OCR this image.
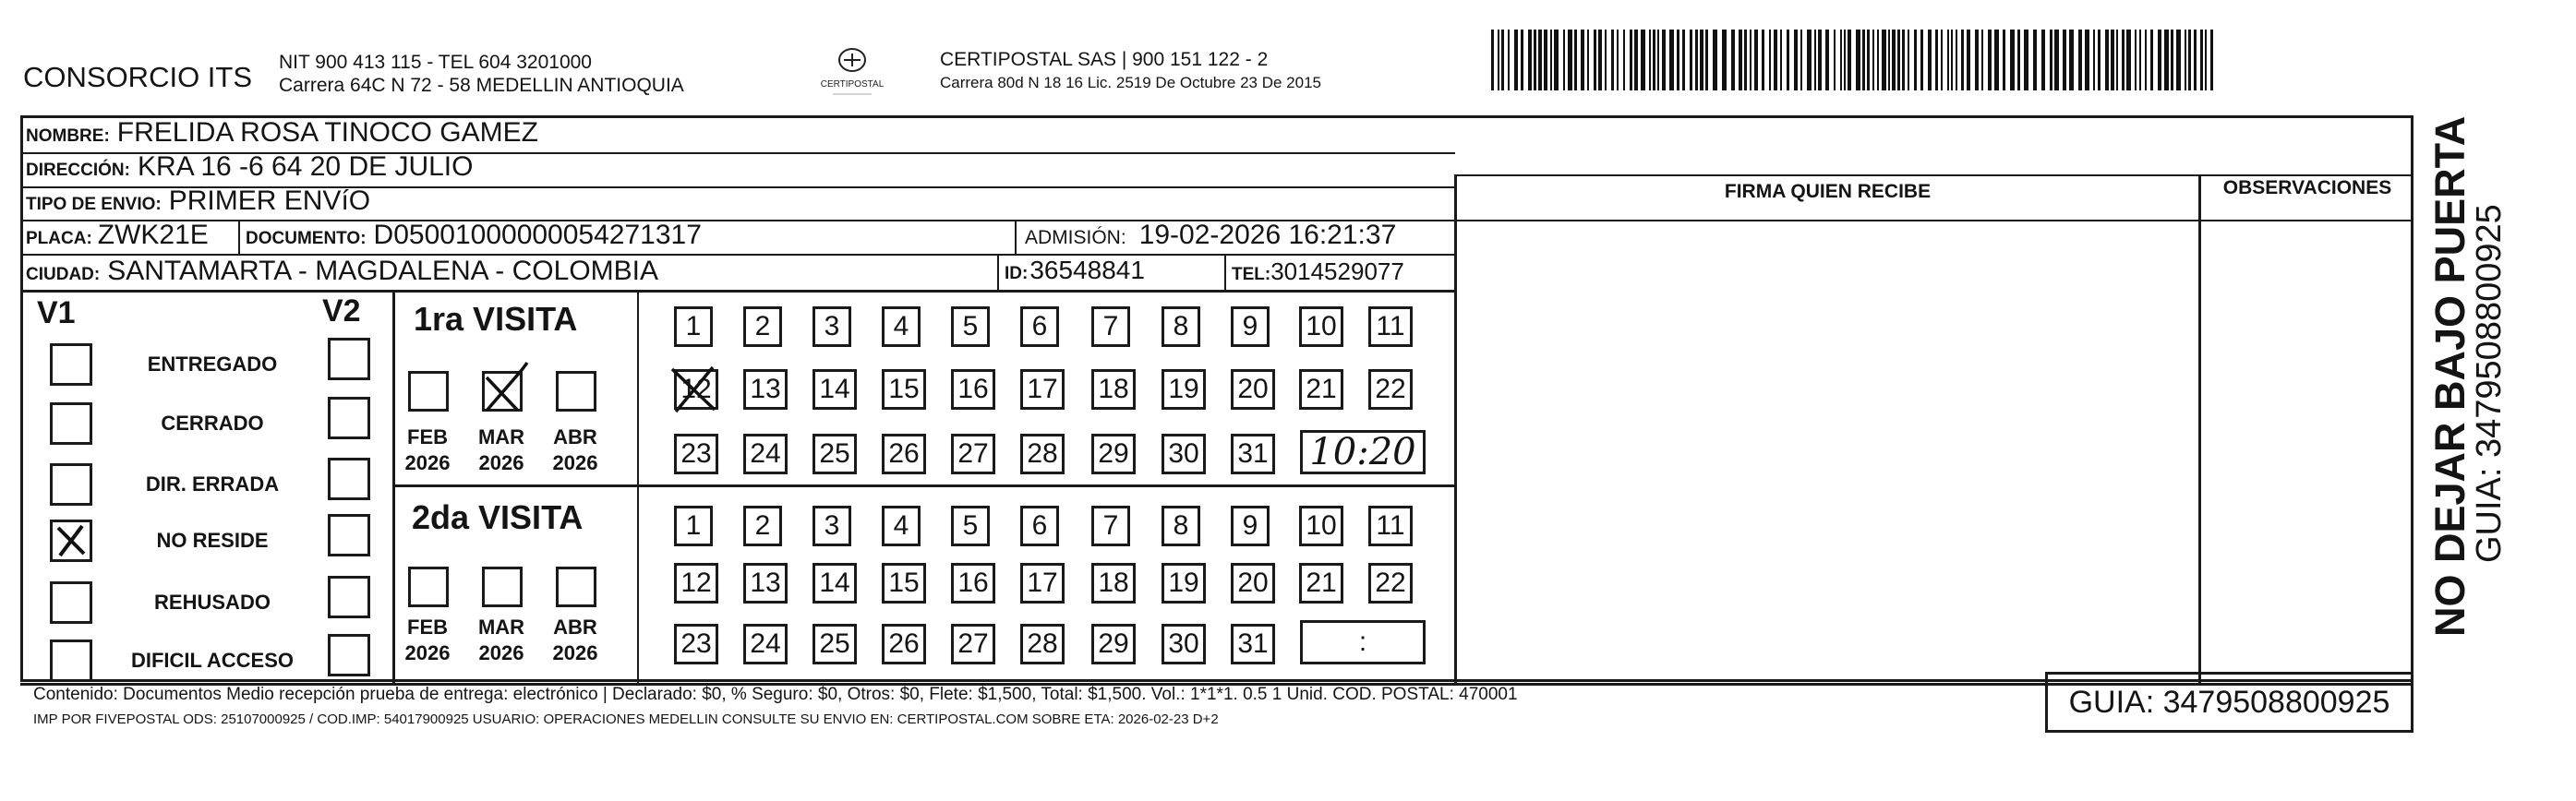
CONSORCIO ITS NIT 900 413 115 - TEL 604 3201000
Carrera 64C N 72 - 58 MEDELLIN ANTIOQUIA	CERTIPOSTAL
CERTIPOSTAL SAS | 900 151 122 - 2
Carrera 80d N 18 16 Lic. 2519 De Octubre 23 De 2015
NOMBRE: FRELIDA ROSA TINOCO GAMEZ
DIRECCIÓN: KRA 16 -6 64 20 DE JULIO
TIPO DE ENVIO: PRIMER ENVíO
PLACA: ZWK21E DOCUMENTO: D05001000000054271317	ADMISIÓN: 19-02-2026 16:21:37
CIUDAD: SANTAMARTA - MAGDALENA - COLOMBIA	ID: 36548841	TEL: 3014529077
FIRMA QUIEN RECIBE	OBSERVACIONES
V1	V2
ENTREGADO
CERRADO
DIR. ERRADA
NO RESIDE
REHUSADO
DIFICIL ACCESO
1ra VISITA
2da VISITA
FEB
2026
MAR
2026
ABR
2026
FEB
2026
MAR
2026
ABR
2026
1	2	3	4	5	6	7	8	9	10 11
12 13 14 15 16 17 18 19 20 21 22
23 24 25 26 27 28 29 30 31 10:20
1	2	3	4	5	6	7	8	9	10 11
12 13 14 15 16 17 18 19 20 21 22
23 24 25 26 27 28 29 30 31	:
Contenido: Documentos Medio recepción prueba de entrega: electrónico | Declarado: $0, % Seguro: $0, Otros: $0, Flete: $1,500, Total: $1,500. Vol.: 1*1*1. 0.5 1 Unid. COD. POSTAL: 470001
IMP POR FIVEPOSTAL ODS: 25107000925 / COD.IMP: 54017900925 USUARIO: OPERACIONES MEDELLIN CONSULTE SU ENVIO EN: CERTIPOSTAL.COM SOBRE ETA: 2026-02-23 D+2	GUIA: 3479508800925
NO DEJAR BAJO PUERTA
GUIA: 3479508800925
